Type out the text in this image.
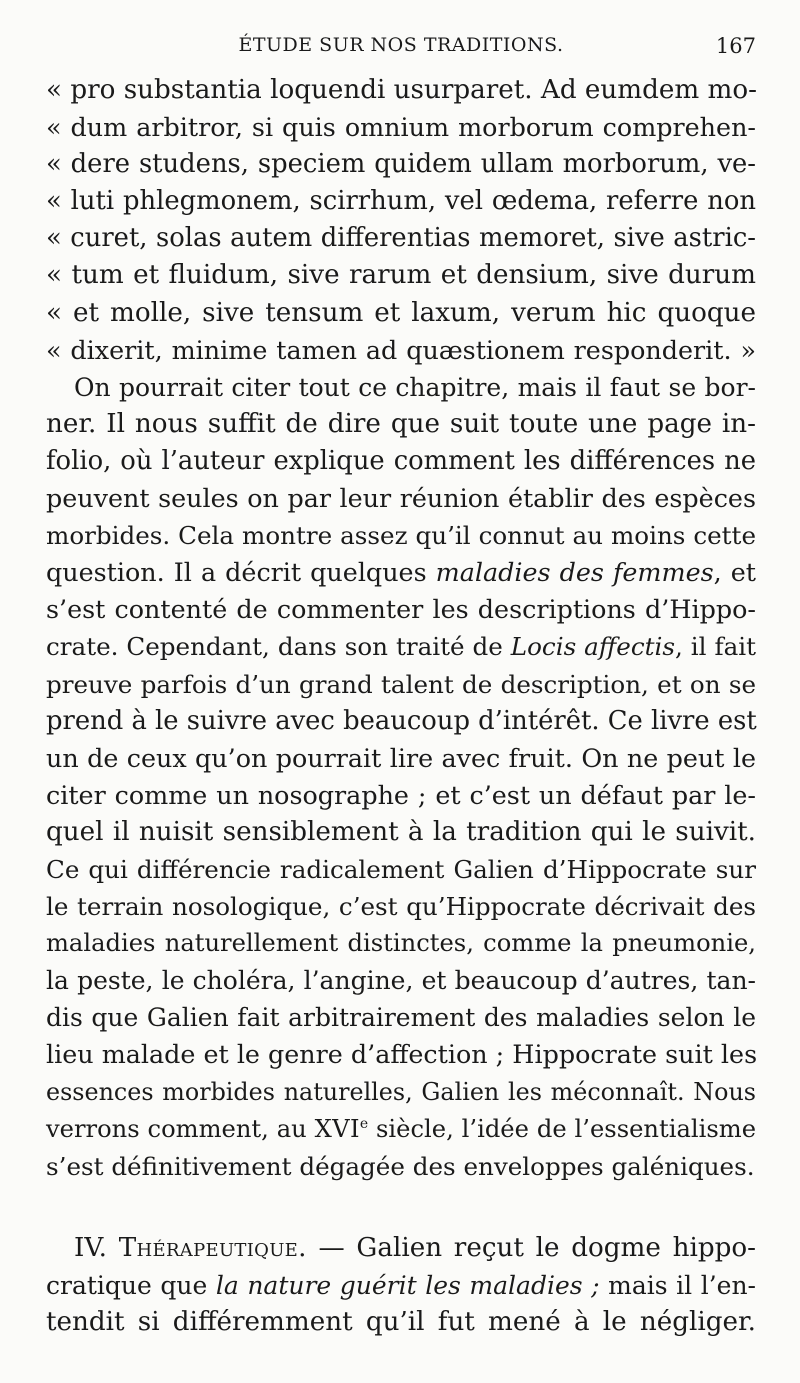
ÉTUDE SUR NOS TRADITIONS.	167
« pro substantia loquendi usurparet. Ad eumdem mo-
« dum arbitror, si quis omnium morborum comprehen-
« dere studens, speciem quidem ullam morborum, ve-
« luti phlegmonem, scirrhum, vel œdema, referre non
« curet, solas autem differentias memoret, sive astric-
« tum et fluidum, sive rarum et densium, sive durum
« et molle, sive tensum et laxum, verum hic quoque
« dixerit, minime tamen ad quæstionem responderit. »
On pourrait citer tout ce chapitre, mais il faut se bor-
ner. Il nous suffit de dire que suit toute une page in-
folio, où l’auteur explique comment les différences ne
peuvent seules on par leur réunion établir des espèces
morbides. Cela montre assez qu’il connut au moins cette
question. Il a décrit quelques maladies des femmes, et
s’est contenté de commenter les descriptions d’Hippo-
crate. Cependant, dans son traité de Locis affectis, il fait
preuve parfois d’un grand talent de description, et on se
prend à le suivre avec beaucoup d’intérêt. Ce livre est
un de ceux qu’on pourrait lire avec fruit. On ne peut le
citer comme un nosographe ; et c’est un défaut par le-
quel il nuisit sensiblement à la tradition qui le suivit.
Ce qui différencie radicalement Galien d’Hippocrate sur
le terrain nosologique, c’est qu’Hippocrate décrivait des
maladies naturellement distinctes, comme la pneumonie,
la peste, le choléra, l’angine, et beaucoup d’autres, tan-
dis que Galien fait arbitrairement des maladies selon le
lieu malade et le genre d’affection ; Hippocrate suit les
essences morbides naturelles, Galien les méconnaît. Nous
verrons comment, au XVIe siècle, l’idée de l’essentialisme
s’est définitivement dégagée des enveloppes galéniques.
IV. Thérapeutique. — Galien reçut le dogme hippo-
cratique que la nature guérit les maladies ; mais il l’en-
tendit si différemment qu’il fut mené à le négliger.
